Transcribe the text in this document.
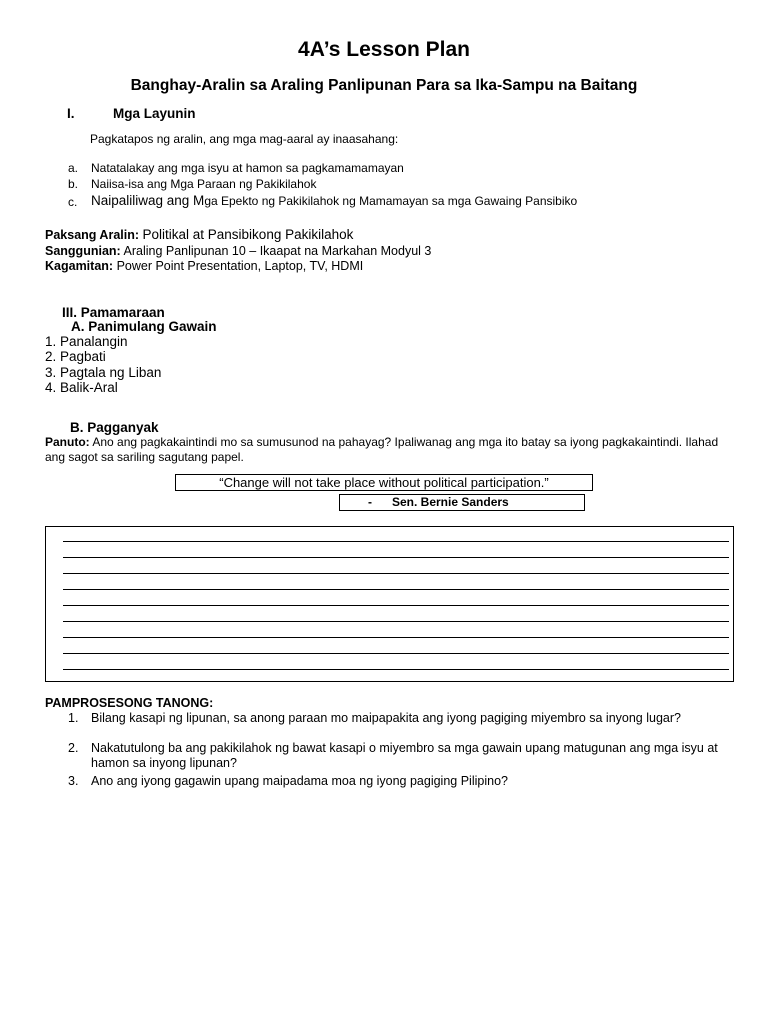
4A’s Lesson Plan
Banghay-Aralin sa Araling Panlipunan Para sa Ika-Sampu na Baitang
I.	Mga Layunin
Pagkatapos ng aralin, ang mga mag-aaral ay inaasahang:
a. Natatalakay ang mga isyu at hamon sa pagkamamamayan
b. Naiisa-isa ang Mga Paraan ng Pakikilahok
c. Naipaliliwag ang Mga Epekto ng Pakikilahok ng Mamamayan sa mga Gawaing Pansibiko
Paksang Aralin: Politikal at Pansibikong Pakikilahok
Sanggunian: Araling Panlipunan 10 – Ikaapat na Markahan Modyul 3
Kagamitan: Power Point Presentation, Laptop, TV, HDMI
III. Pamamaraan
A. Panimulang Gawain
1. Panalangin
2. Pagbati
3. Pagtala ng Liban
4. Balik-Aral
B. Pagganyak
Panuto: Ano ang pagkakaintindi mo sa sumusunod na pahayag? Ipaliwanag ang mga ito batay sa iyong pagkakaintindi. Ilahad ang sagot sa sariling sagutang papel.
“Change will not take place without political participation.”
- Sen. Bernie Sanders
PAMPROSESONG TANONG:
1. Bilang kasapi ng lipunan, sa anong paraan mo maipapakita ang iyong pagiging miyembro sa inyong lugar?
2. Nakatutulong ba ang pakikilahok ng bawat kasapi o miyembro sa mga gawain upang matugunan ang mga isyu at hamon sa inyong lipunan?
3. Ano ang iyong gagawin upang maipadama moa ng iyong pagiging Pilipino?
